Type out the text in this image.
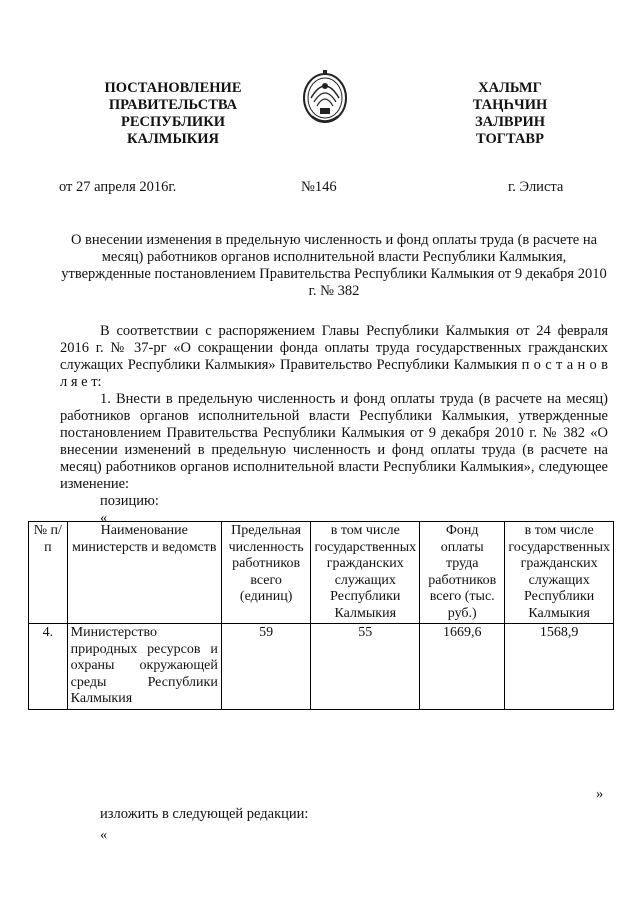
ПОСТАНОВЛЕНИЕ
ПРАВИТЕЛЬСТВА
РЕСПУБЛИКИ
КАЛМЫКИЯ
ХАЛЬМГ
ТАҢҺЧИН
ЗАЛВРИН
ТОГТАВР
от 27 апреля 2016г.	№146	г. Элиста
О внесении изменения в предельную численность и фонд оплаты труда (в расчете на месяц) работников органов исполнительной власти Республики Калмыкия, утвержденные постановлением Правительства Республики Калмыкия от 9 декабря 2010 г. № 382
В соответствии с распоряжением Главы Республики Калмыкия от 24 февраля 2016 г. № 37-рг «О сокращении фонда оплаты труда государственных гражданских служащих Республики Калмыкия» Правительство Республики Калмыкия п о с т а н о в л я е т:
1. Внести в предельную численность и фонд оплаты труда (в расчете на месяц) работников органов исполнительной власти Республики Калмыкия, утвержденные постановлением Правительства Республики Калмыкия от 9 декабря 2010 г. № 382 «О внесении изменений в предельную численность и фонд оплаты труда (в расчете на месяц) работников органов исполнительной власти Республики Калмыкия», следующее изменение:
позицию:
«
№ п/п	Наименование министерств и ведомств	Предельная численность работников всего (единиц)	в том числе государственных гражданских служащих Республики Калмыкия	Фонд оплаты труда работников всего (тыс. руб.)	в том числе государственных гражданских служащих Республики Калмыкия
4.	Министерство природных ресурсов и охраны окружающей среды Республики Калмыкия	59	55	1669,6	1568,9
»
изложить в следующей редакции:
«
